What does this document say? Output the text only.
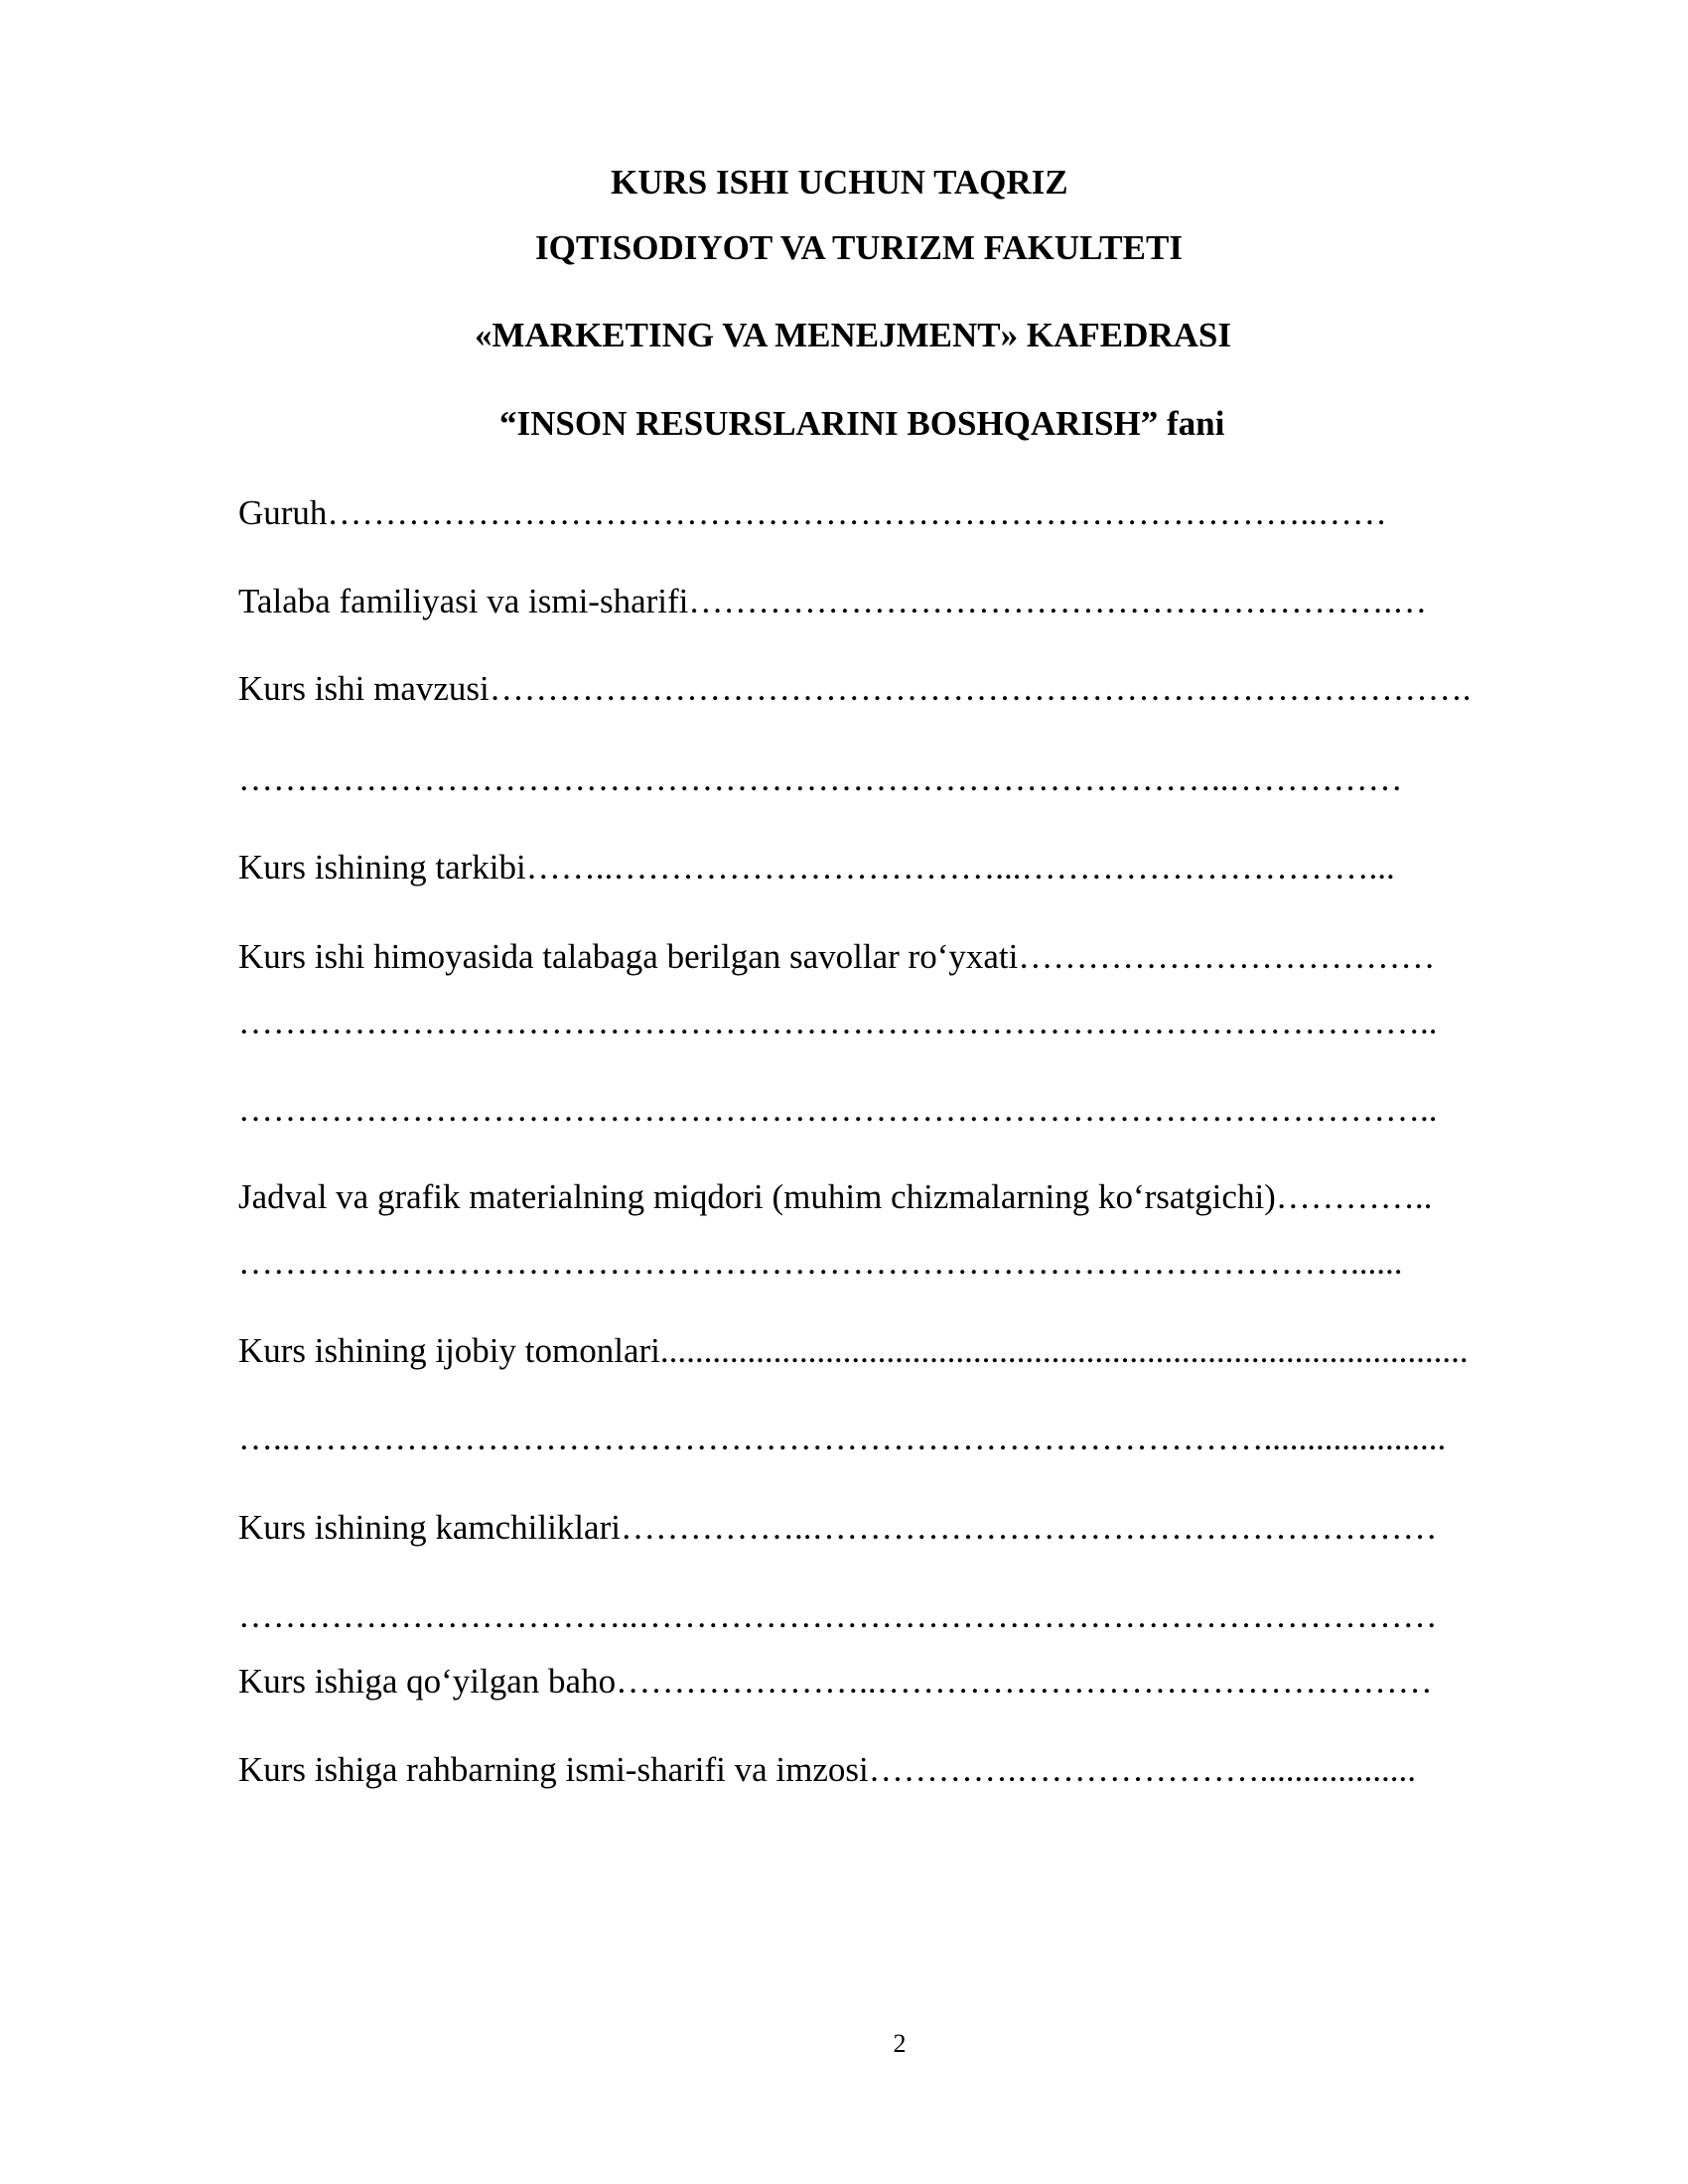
KURS ISHI UCHUN TAQRIZ
IQTISODIYOT VA TURIZM FAKULTETI
«MARKETING VA MENEJMENT» KAFEDRASI
“INSON RESURSLARINI BOSHQARISH” fani
Guruh…………………………………………………………………………..……
Talaba familiyasi va ismi-sharifi…………………………………………………….…
Kurs ishi mavzusi………………………………………………………………………….
…………………………………………………………………………..……………
Kurs ishining tarkibi……..……………………………...…………………………...
Kurs ishi himoyasida talabaga berilgan savollar ro‘yxati………………………………
…………………………………………………………………………………………..
…………………………………………………………………………………………..
Jadval va grafik materialning miqdori (muhim chizmalarning ko‘rsatgichi)…………..
……………………………………………………………………………………......
Kurs ishining ijobiy tomonlari.............................................................................................
…..………………………………………………………………………….....................
Kurs ishining kamchiliklari……………..………………………………………………
……………………………..……………………………………………………………
Kurs ishiga qo‘yilgan baho…………………..…………………………………………
Kurs ishiga rahbarning ismi-sharifi va imzosi………….…………………..................
2
